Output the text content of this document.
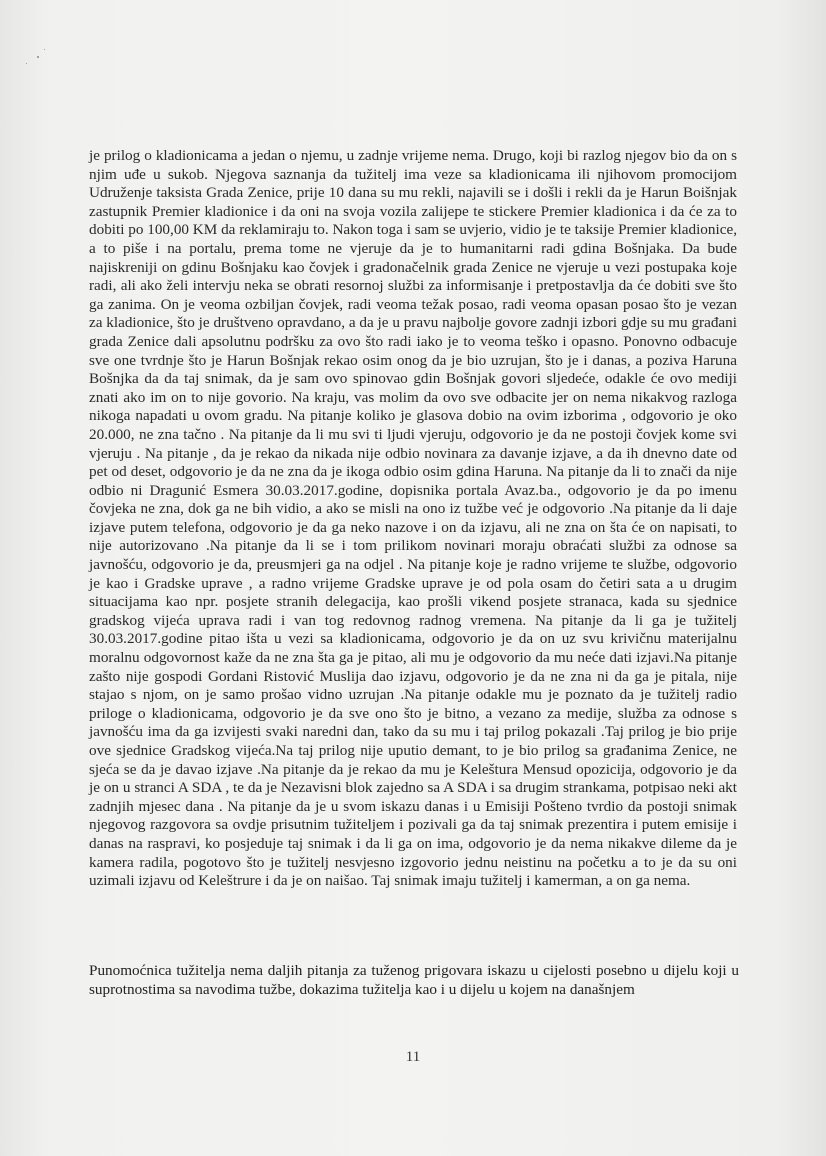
je prilog o kladionicama a jedan o njemu, u zadnje vrijeme nema. Drugo, koji bi razlog njegov bio da on s njim uđe u sukob. Njegova saznanja da tužitelj ima veze sa kladionicama ili njihovom promocijom Udruženje taksista Grada Zenice, prije 10 dana su mu rekli, najavili se i došli i rekli da je Harun Boišnjak zastupnik Premier kladionice i da oni na svoja vozila zalijepe te stickere Premier kladionica i da će za to dobiti po 100,00 KM da reklamiraju to. Nakon toga i sam se uvjerio, vidio je te taksije Premier kladionice, a to piše i na portalu, prema tome ne vjeruje da je to humanitarni radi gdina Bošnjaka. Da bude najiskreniji on gdinu Bošnjaku kao čovjek i gradonačelnik grada Zenice ne vjeruje u vezi postupaka koje radi, ali ako želi intervju neka se obrati resornoj službi za informisanje i pretpostavlja da će dobiti sve što ga zanima. On je veoma ozbiljan čovjek, radi veoma težak posao, radi veoma opasan posao što je vezan za kladionice, što je društveno opravdano, a da je u pravu najbolje govore zadnji izbori gdje su mu građani grada Zenice dali apsolutnu podršku za ovo što radi iako je to veoma teško i opasno. Ponovno odbacuje sve one tvrdnje što je Harun Bošnjak rekao osim onog da je bio uzrujan, što je i danas, a poziva Haruna Bošnjka da da taj snimak, da je sam ovo spinovao gdin Bošnjak govori sljedeće, odakle će ovo mediji znati ako im on to nije govorio. Na kraju, vas molim da ovo sve odbacite jer on nema nikakvog razloga nikoga napadati u ovom gradu. Na pitanje koliko je glasova dobio na ovim izborima , odgovorio je oko 20.000, ne zna tačno . Na pitanje da li mu svi ti ljudi vjeruju, odgovorio je da ne postoji čovjek kome svi vjeruju . Na pitanje , da je rekao da nikada nije odbio novinara za davanje izjave, a da ih dnevno date od pet od deset, odgovorio je da ne zna da je ikoga odbio osim gdina Haruna. Na pitanje da li to znači da nije odbio ni Dragunić Esmera 30.03.2017.godine, dopisnika portala Avaz.ba., odgovorio je da po imenu čovjeka ne zna, dok ga ne bih vidio, a ako se misli na ono iz tužbe već je odgovorio .Na pitanje da li daje izjave putem telefona, odgovorio je da ga neko nazove i on da izjavu, ali ne zna on šta će on napisati, to nije autorizovano .Na pitanje da li se i tom prilikom novinari moraju obraćati službi za odnose sa javnošću, odgovorio je da, preusmjeri ga na odjel . Na pitanje koje je radno vrijeme te službe, odgovorio je kao i Gradske uprave , a radno vrijeme Gradske uprave je od pola osam do četiri sata a u drugim situacijama kao npr. posjete stranih delegacija, kao prošli vikend posjete stranaca, kada su sjednice gradskog vijeća uprava radi i van tog redovnog radnog vremena. Na pitanje da li ga je tužitelj 30.03.2017.godine pitao išta u vezi sa kladionicama, odgovorio je da on uz svu krivičnu materijalnu moralnu odgovornost kaže da ne zna šta ga je pitao, ali mu je odgovorio da mu neće dati izjavi.Na pitanje zašto nije gospodi Gordani Ristović Muslija dao izjavu, odgovorio je da ne zna ni da ga je pitala, nije stajao s njom, on je samo prošao vidno uzrujan .Na pitanje odakle mu je poznato da je tužitelj radio priloge o kladionicama, odgovorio je da sve ono što je bitno, a vezano za medije, služba za odnose s javnošću ima da ga izvijesti svaki naredni dan, tako da su mu i taj prilog pokazali .Taj prilog je bio prije ove sjednice Gradskog vijeća.Na taj prilog nije uputio demant, to je bio prilog sa građanima Zenice, ne sjeća se da je davao izjave .Na pitanje da je rekao da mu je Keleštura Mensud opozicija, odgovorio je da je on u stranci A SDA , te da je Nezavisni blok zajedno sa A SDA i sa drugim strankama, potpisao neki akt zadnjih mjesec dana . Na pitanje da je u svom iskazu danas i u Emisiji Pošteno tvrdio da postoji snimak njegovog razgovora sa ovdje prisutnim tužiteljem i pozivali ga da taj snimak prezentira i putem emisije i danas na raspravi, ko posjeduje taj snimak i da li ga on ima, odgovorio je da nema nikakve dileme da je kamera radila, pogotovo što je tužitelj nesvjesno izgovorio jednu neistinu na početku a to je da su oni uzimali izjavu od Keleštrure i da je on naišao. Taj snimak imaju tužitelj i kamerman, a on ga nema.

Punomoćnica tužitelja nema daljih pitanja za tuženog prigovara iskazu u cijelosti posebno u dijelu koji u suprotnostima sa navodima tužbe, dokazima tužitelja kao i u dijelu u kojem na današnjem

11
